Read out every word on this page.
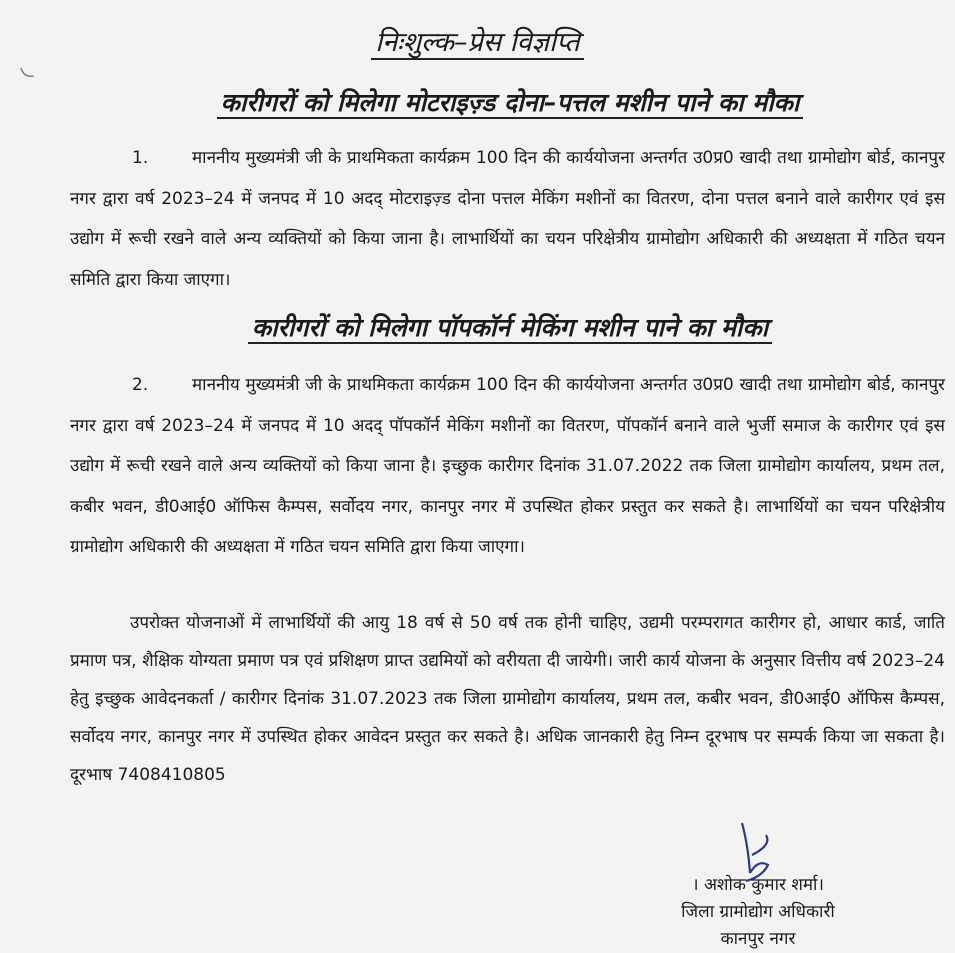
निःशुल्क–प्रेस विज्ञप्ति
कारीगरों को मिलेगा मोटराइज़्ड दोना–पत्तल मशीन पाने का मौका

1.	माननीय मुख्यमंत्री जी के प्राथमिकता कार्यक्रम 100 दिन की कार्ययोजना अन्तर्गत उ0प्र0 खादी तथा ग्रामोद्योग बोर्ड, कानपुर नगर द्वारा वर्ष 2023–24 में जनपद में 10 अदद् मोटराइज़्ड दोना पत्तल मेकिंग मशीनों का वितरण, दोना पत्तल बनाने वाले कारीगर एवं इस उद्योग में रूची रखने वाले अन्य व्यक्तियों को किया जाना है। लाभार्थियों का चयन परिक्षेत्रीय ग्रामोद्योग अधिकारी की अध्यक्षता में गठित चयन समिति द्वारा किया जाएगा।

कारीगरों को मिलेगा पॉपकॉर्न मेकिंग मशीन पाने का मौका

2.	माननीय मुख्यमंत्री जी के प्राथमिकता कार्यक्रम 100 दिन की कार्ययोजना अन्तर्गत उ0प्र0 खादी तथा ग्रामोद्योग बोर्ड, कानपुर नगर द्वारा वर्ष 2023–24 में जनपद में 10 अदद् पॉपकॉर्न मेकिंग मशीनों का वितरण, पॉपकॉर्न बनाने वाले भुर्जी समाज के कारीगर एवं इस उद्योग में रूची रखने वाले अन्य व्यक्तियों को किया जाना है। इच्छुक कारीगर दिनांक 31.07.2022 तक जिला ग्रामोद्योग कार्यालय, प्रथम तल, कबीर भवन, डी0आई0 ऑफिस कैम्पस, सर्वोदय नगर, कानपुर नगर में उपस्थित होकर प्रस्तुत कर सकते है। लाभार्थियों का चयन परिक्षेत्रीय ग्रामोद्योग अधिकारी की अध्यक्षता में गठित चयन समिति द्वारा किया जाएगा।

उपरोक्त योजनाओं में लाभार्थियों की आयु 18 वर्ष से 50 वर्ष तक होनी चाहिए, उद्यमी परम्परागत कारीगर हो, आधार कार्ड, जाति प्रमाण पत्र, शैक्षिक योग्यता प्रमाण पत्र एवं प्रशिक्षण प्राप्त उद्यमियों को वरीयता दी जायेगी। जारी कार्य योजना के अनुसार वित्तीय वर्ष 2023–24 हेतु इच्छुक आवेदनकर्ता / कारीगर दिनांक 31.07.2023 तक जिला ग्रामोद्योग कार्यालय, प्रथम तल, कबीर भवन, डी0आई0 ऑफिस कैम्पस, सर्वोदय नगर, कानपुर नगर में उपस्थित होकर आवेदन प्रस्तुत कर सकते है। अधिक जानकारी हेतु निम्न दूरभाष पर सम्पर्क किया जा सकता है। दूरभाष 7408410805

। अशोक कुमार शर्मा।
जिला ग्रामोद्योग अधिकारी
कानपुर नगर
